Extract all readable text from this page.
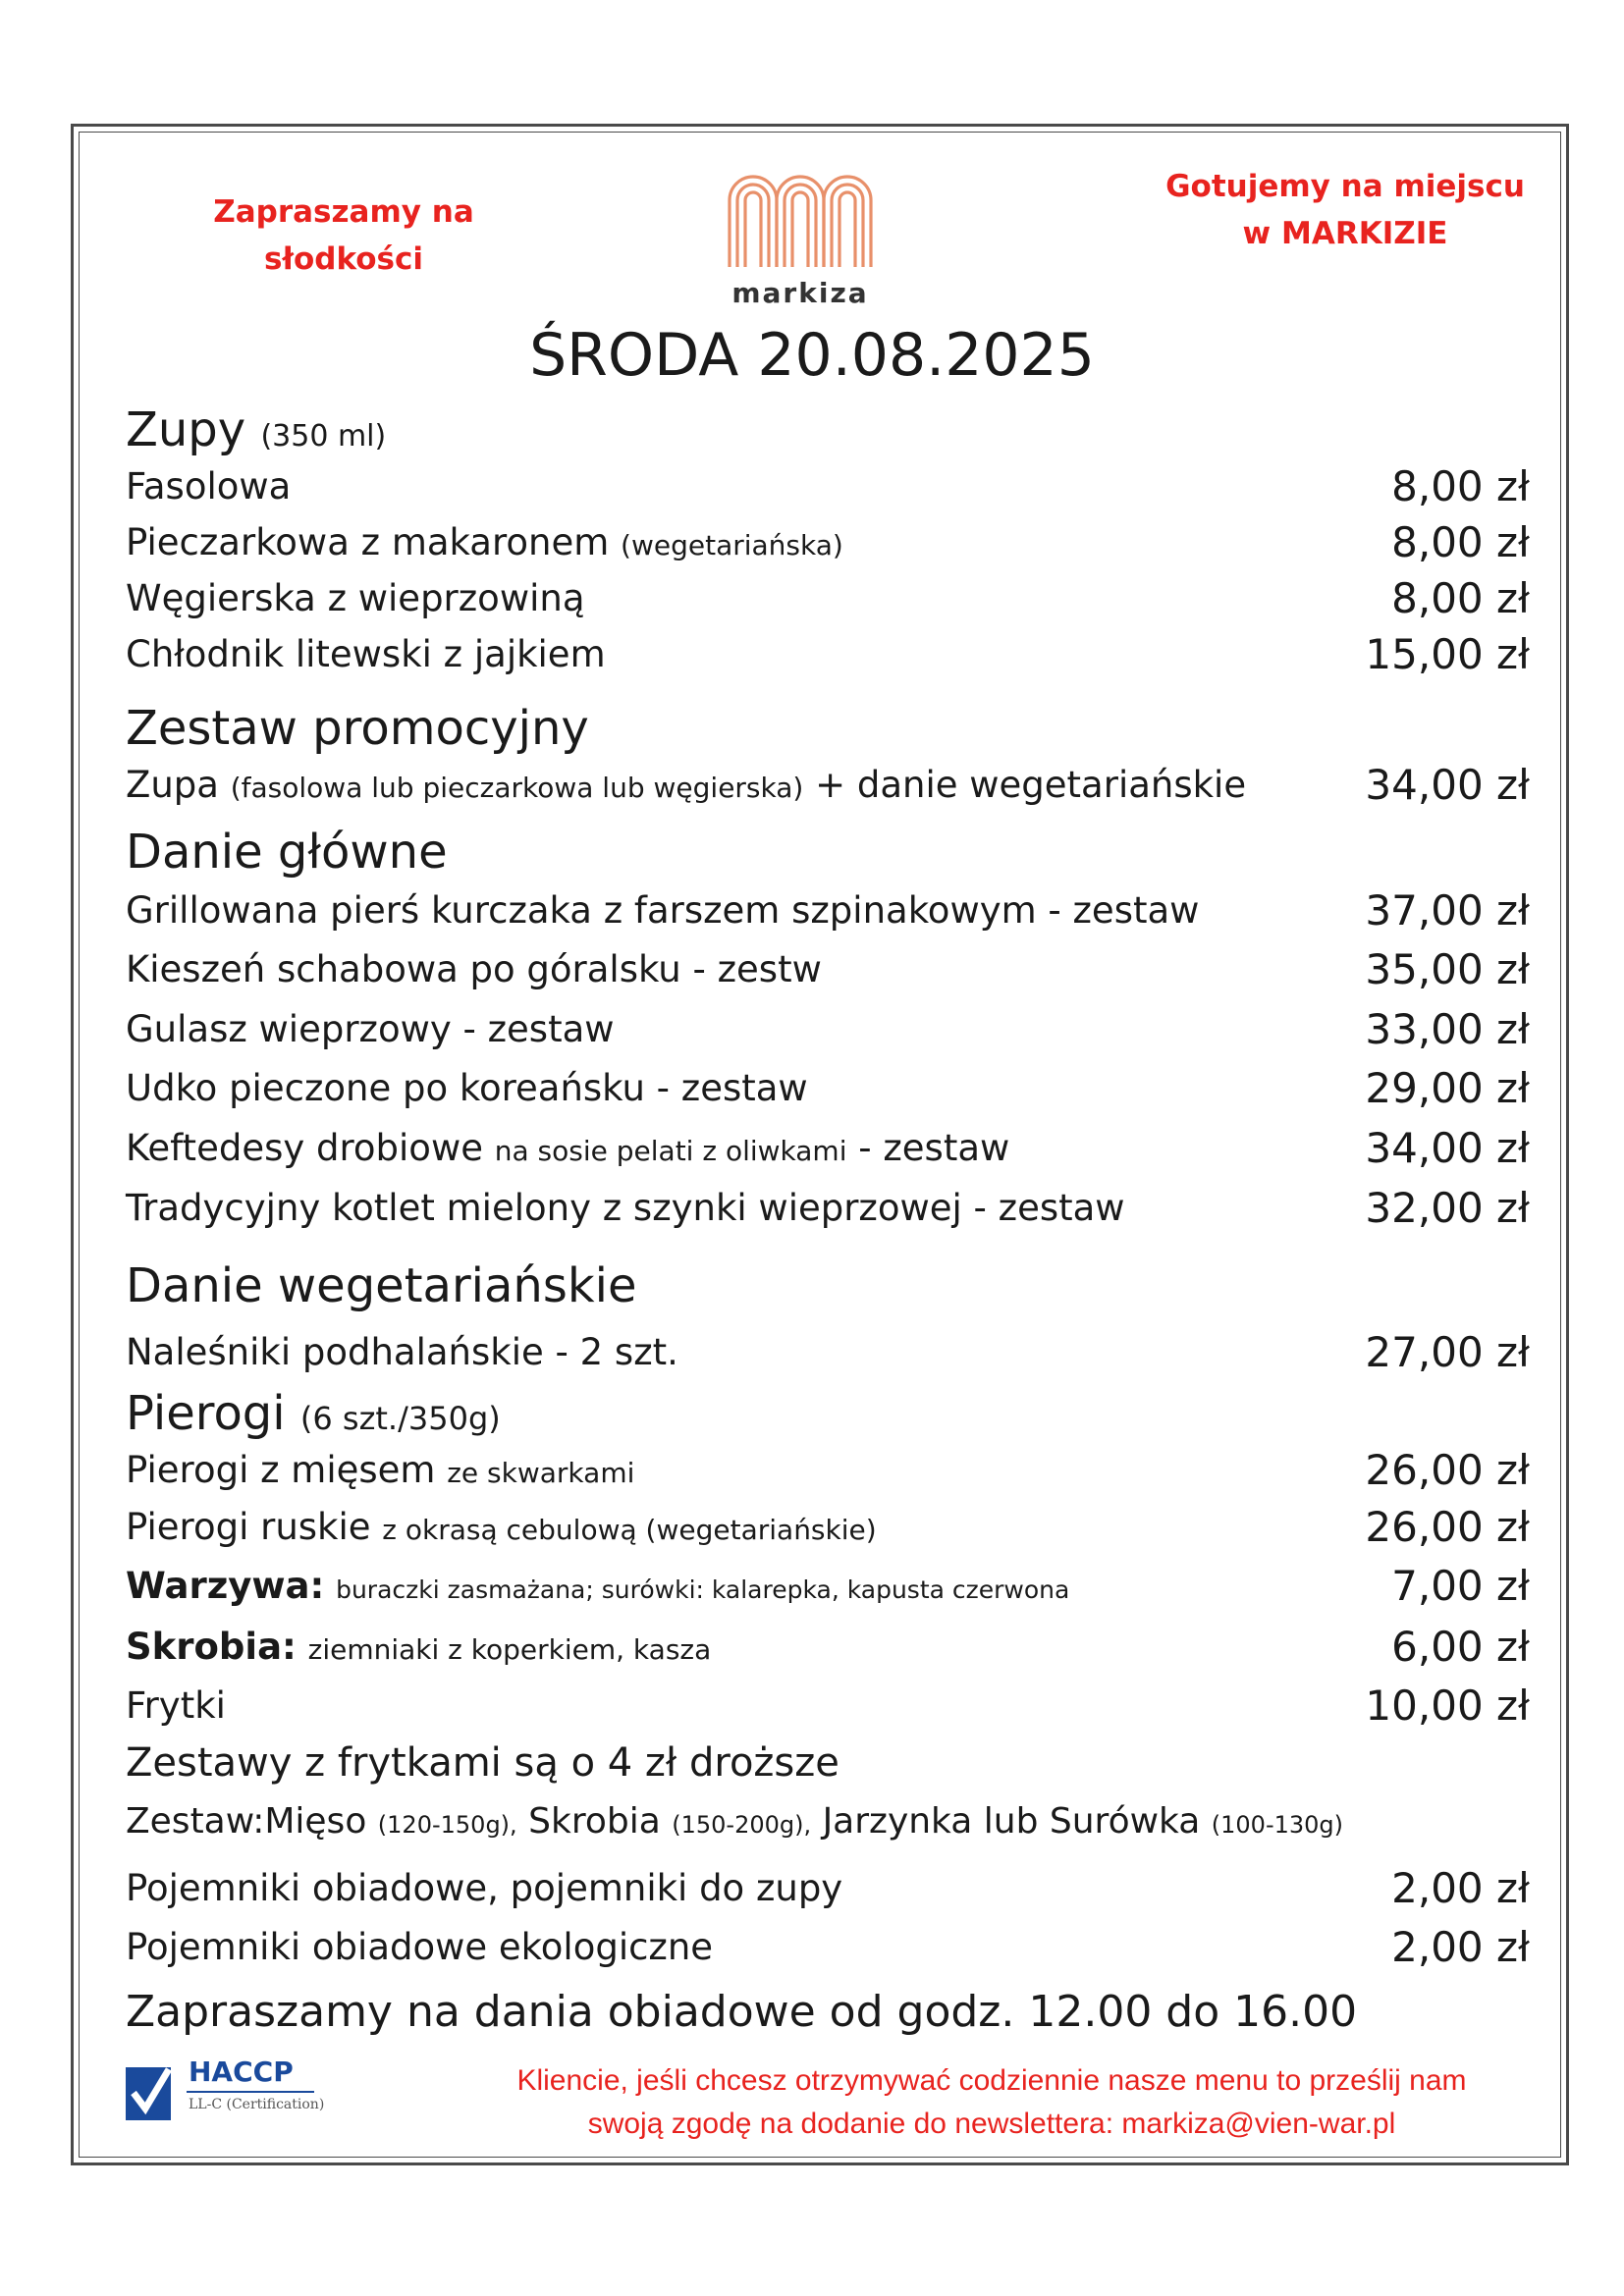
Zapraszamy na
słodkości
Gotujemy na miejscu
w MARKIZIE
markiza
ŚRODA 20.08.2025
Zupy (350 ml)
Fasolowa	8,00 zł
Pieczarkowa z makaronem (wegetariańska)	8,00 zł
Węgierska z wieprzowiną	8,00 zł
Chłodnik litewski z jajkiem	15,00 zł
Zestaw promocyjny
Zupa (fasolowa lub pieczarkowa lub węgierska) + danie wegetariańskie	34,00 zł
Danie główne
Grillowana pierś kurczaka z farszem szpinakowym - zestaw	37,00 zł
Kieszeń schabowa po góralsku - zestw	35,00 zł
Gulasz wieprzowy - zestaw	33,00 zł
Udko pieczone po koreańsku - zestaw	29,00 zł
Keftedesy drobiowe na sosie pelati z oliwkami - zestaw	34,00 zł
Tradycyjny kotlet mielony z szynki wieprzowej - zestaw	32,00 zł
Danie wegetariańskie
Naleśniki podhalańskie - 2 szt.	27,00 zł
Pierogi (6 szt./350g)
Pierogi z mięsem ze skwarkami	26,00 zł
Pierogi ruskie z okrasą cebulową (wegetariańskie)	26,00 zł
Warzywa: buraczki zasmażana; surówki: kalarepka, kapusta czerwona	7,00 zł
Skrobia: ziemniaki z koperkiem, kasza	6,00 zł
Frytki	10,00 zł
Zestawy z frytkami są o 4 zł droższe
Zestaw:Mięso (120-150g), Skrobia (150-200g), Jarzynka lub Surówka (100-130g)
Pojemniki obiadowe, pojemniki do zupy	2,00 zł
Pojemniki obiadowe ekologiczne	2,00 zł
Zapraszamy na dania obiadowe od godz. 12.00 do 16.00
HACCP
LL-C (Certification)
Kliencie, jeśli chcesz otrzymywać codziennie nasze menu to prześlij nam
swoją zgodę na dodanie do newslettera: markiza@vien-war.pl
